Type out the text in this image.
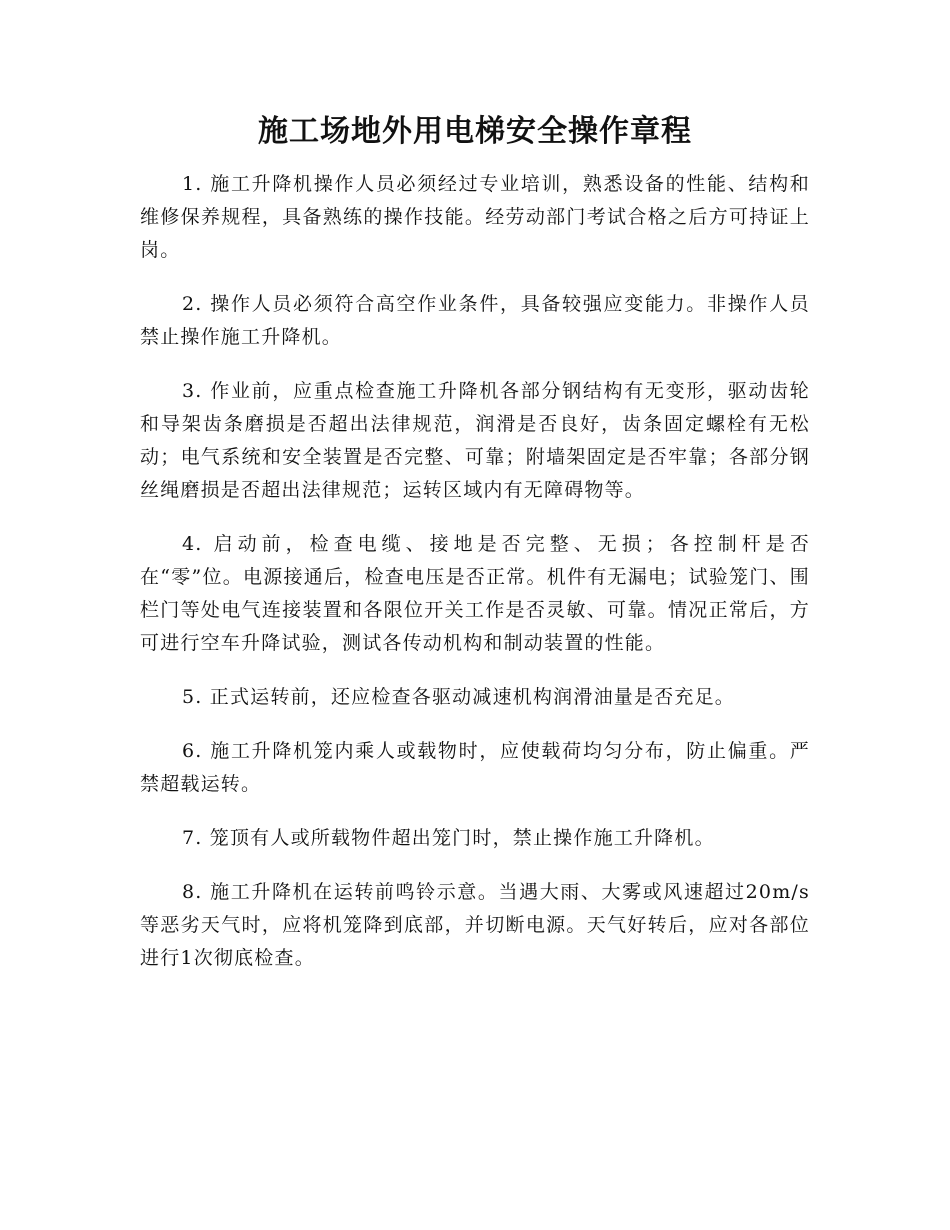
施工场地外用电梯安全操作章程

1. 施工升降机操作人员必须经过专业培训，熟悉设备的性能、结构和维修保养规程，具备熟练的操作技能。经劳动部门考试合格之后方可持证上岗。

2. 操作人员必须符合高空作业条件，具备较强应变能力。非操作人员禁止操作施工升降机。

3. 作业前，应重点检查施工升降机各部分钢结构有无变形，驱动齿轮和导架齿条磨损是否超出法律规范，润滑是否良好，齿条固定螺栓有无松动；电气系统和安全装置是否完整、可靠；附墙架固定是否牢靠；各部分钢丝绳磨损是否超出法律规范；运转区域内有无障碍物等。

4. 启动前，检查电缆、接地是否完整、无损；各控制杆是否在“零”位。电源接通后，检查电压是否正常。机件有无漏电；试验笼门、围栏门等处电气连接装置和各限位开关工作是否灵敏、可靠。情况正常后，方可进行空车升降试验，测试各传动机构和制动装置的性能。

5. 正式运转前，还应检查各驱动减速机构润滑油量是否充足。

6. 施工升降机笼内乘人或载物时，应使载荷均匀分布，防止偏重。严禁超载运转。

7. 笼顶有人或所载物件超出笼门时，禁止操作施工升降机。

8. 施工升降机在运转前鸣铃示意。当遇大雨、大雾或风速超过20m/s等恶劣天气时，应将机笼降到底部，并切断电源。天气好转后，应对各部位进行1次彻底检查。
